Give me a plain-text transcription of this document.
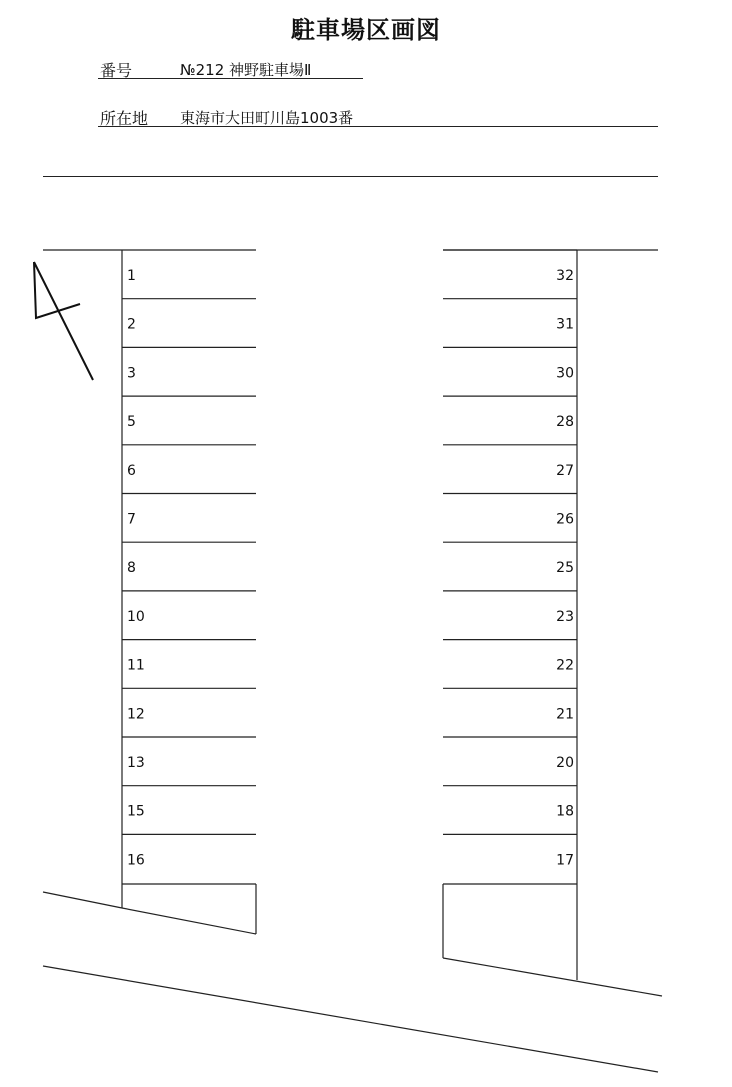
駐車場区画図
番号	№212 神野駐車場Ⅱ
所在地 東海市大田町川島1003番
1
2
3
5
6
7
8
10
11
12
13
15
16
32
31
30
28
27
26
25
23
22
21
20
18
17
